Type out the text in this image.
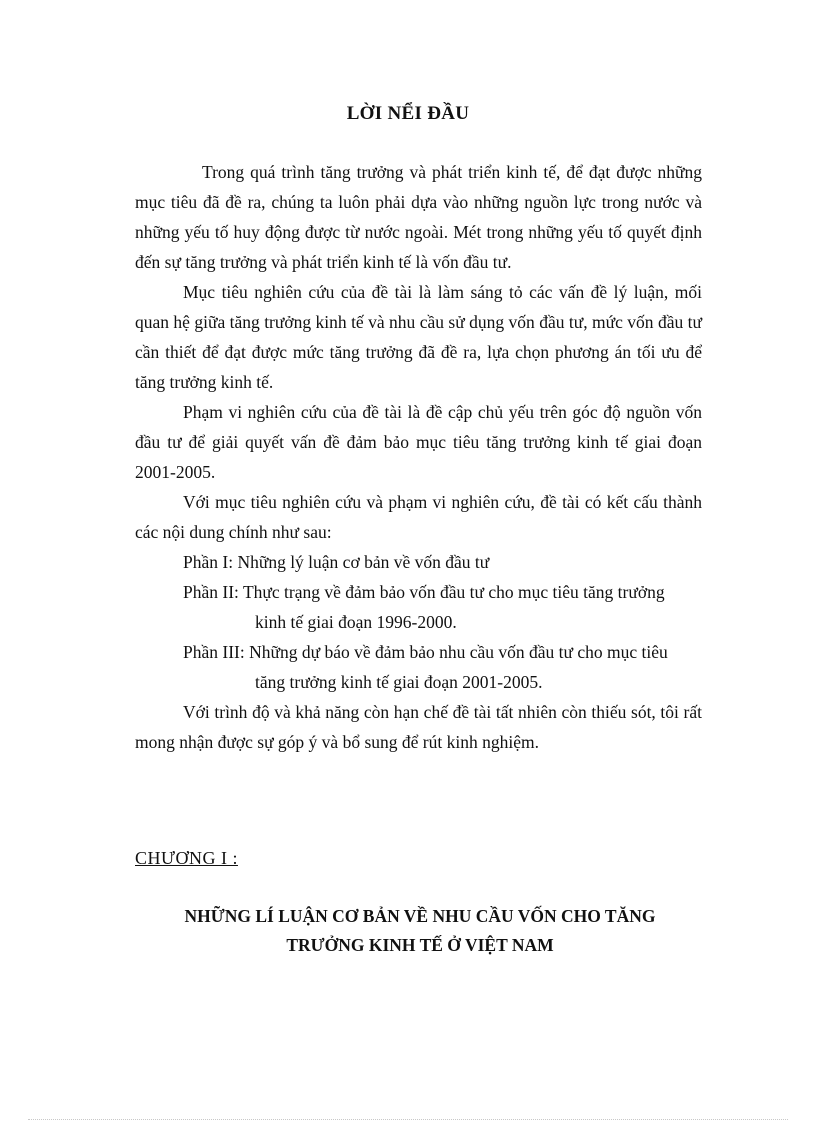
LỜI NỂI ĐẦU

Trong quá trình tăng trưởng và phát triển kinh tế, để đạt được những mục tiêu đã đề ra, chúng ta luôn phải dựa vào những nguồn lực trong nước và những yếu tố huy động được từ nước ngoài. Mét trong những yếu tố quyết định đến sự tăng trưởng và phát triển kinh tế là vốn đầu tư.

Mục tiêu nghiên cứu của đề tài là làm sáng tỏ các vấn đề lý luận, mối quan hệ giữa tăng trưởng kinh tế và nhu cầu sử dụng vốn đầu tư, mức vốn đầu tư cần thiết để đạt được mức tăng trưởng đã đề ra, lựa chọn phương án tối ưu để tăng trưởng kinh tế.

Phạm vi nghiên cứu của đề tài là đề cập chủ yếu trên góc độ nguồn vốn đầu tư để giải quyết vấn đề đảm bảo mục tiêu tăng trưởng kinh tế giai đoạn 2001-2005.

Với mục tiêu nghiên cứu và phạm vi nghiên cứu, đề tài có kết cấu thành các nội dung chính như sau:

Phần I: Những lý luận cơ bản về vốn đầu tư

Phần II: Thực trạng về đảm bảo vốn đầu tư cho mục tiêu tăng trưởng

kinh tế giai đoạn 1996-2000.

Phần III: Những dự báo về đảm bảo nhu cầu vốn đầu tư cho mục tiêu

tăng trưởng kinh tế giai đoạn 2001-2005.

Với trình độ và khả năng còn hạn chế đề tài tất nhiên còn thiếu sót, tôi rất mong nhận được sự góp ý và bổ sung để rút kinh nghiệm.

CHƯƠNG I :
NHỮNG LÍ LUẬN CƠ BẢN VỀ NHU CẦU VỐN CHO TĂNG
TRƯỞNG KINH TẾ Ở VIỆT NAM
